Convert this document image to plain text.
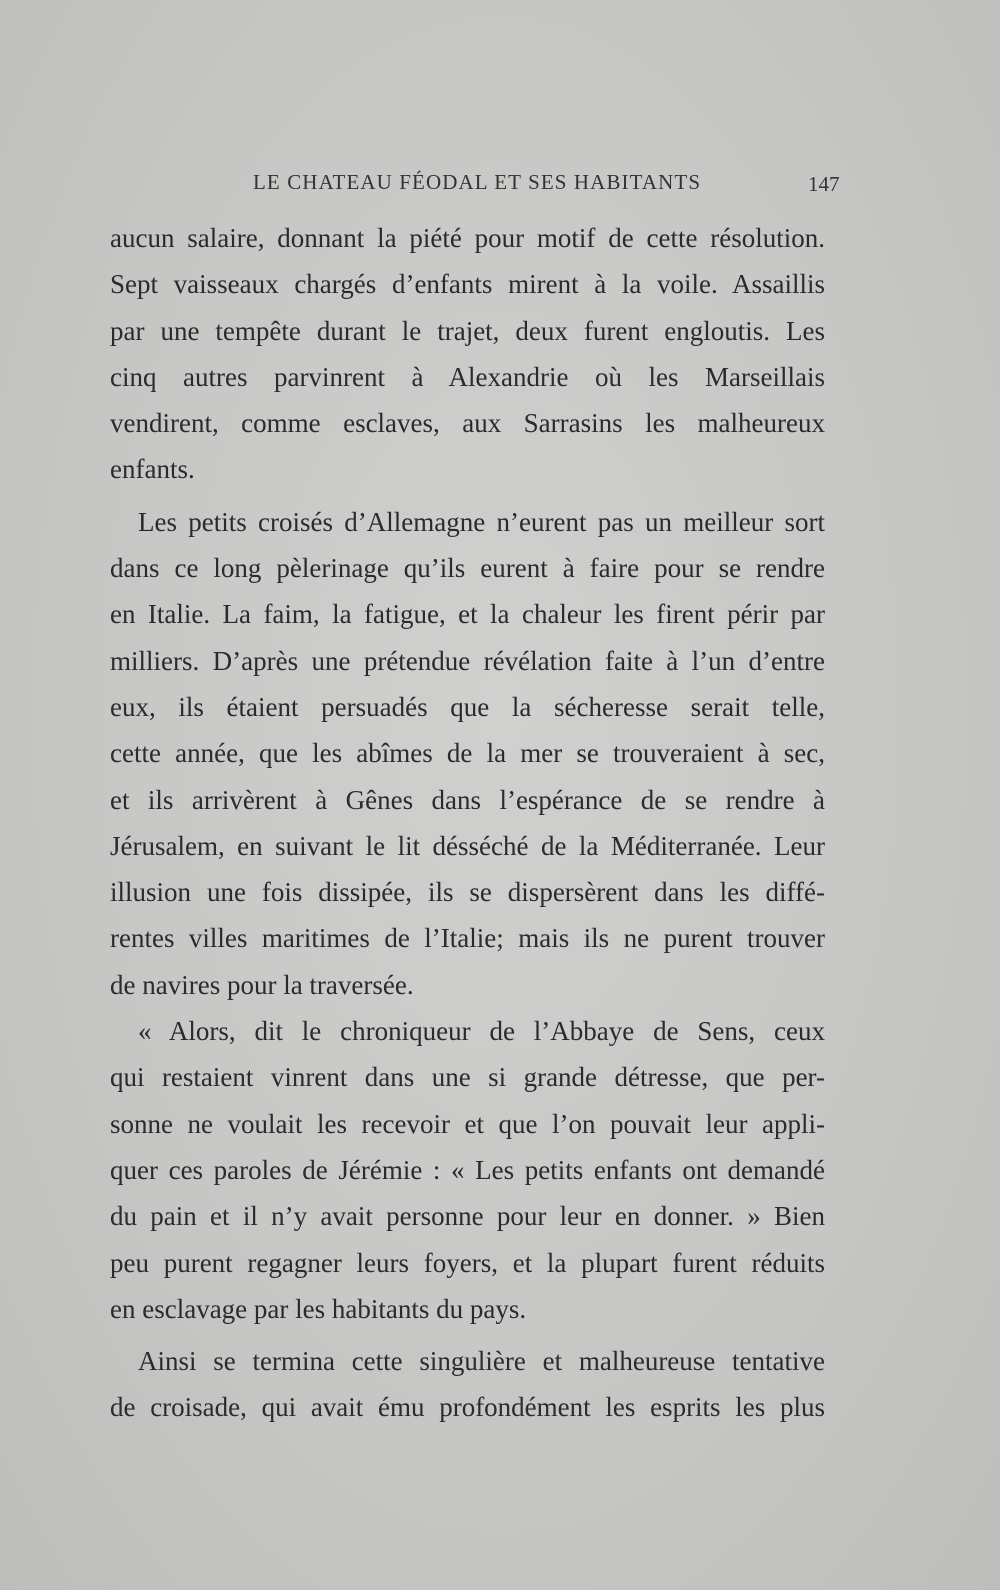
LE CHATEAU FÉODAL ET SES HABITANTS	147
aucun salaire, donnant la piété pour motif de cette résolution.
Sept vaisseaux chargés d’enfants mirent à la voile. Assaillis
par une tempête durant le trajet, deux furent engloutis. Les
cinq autres parvinrent à Alexandrie où les Marseillais
vendirent, comme esclaves, aux Sarrasins les malheureux
enfants.
Les petits croisés d’Allemagne n’eurent pas un meilleur sort
dans ce long pèlerinage qu’ils eurent à faire pour se rendre
en Italie. La faim, la fatigue, et la chaleur les firent périr par
milliers. D’après une prétendue révélation faite à l’un d’entre
eux, ils étaient persuadés que la sécheresse serait telle,
cette année, que les abîmes de la mer se trouveraient à sec,
et ils arrivèrent à Gênes dans l’espérance de se rendre à
Jérusalem, en suivant le lit désséché de la Méditerranée. Leur
illusion une fois dissipée, ils se dispersèrent dans les diffé-
rentes villes maritimes de l’Italie; mais ils ne purent trouver
de navires pour la traversée.
« Alors, dit le chroniqueur de l’Abbaye de Sens, ceux
qui restaient vinrent dans une si grande détresse, que per-
sonne ne voulait les recevoir et que l’on pouvait leur appli-
quer ces paroles de Jérémie : « Les petits enfants ont demandé
du pain et il n’y avait personne pour leur en donner. » Bien
peu purent regagner leurs foyers, et la plupart furent réduits
en esclavage par les habitants du pays.
Ainsi se termina cette singulière et malheureuse tentative
de croisade, qui avait ému profondément les esprits les plus
